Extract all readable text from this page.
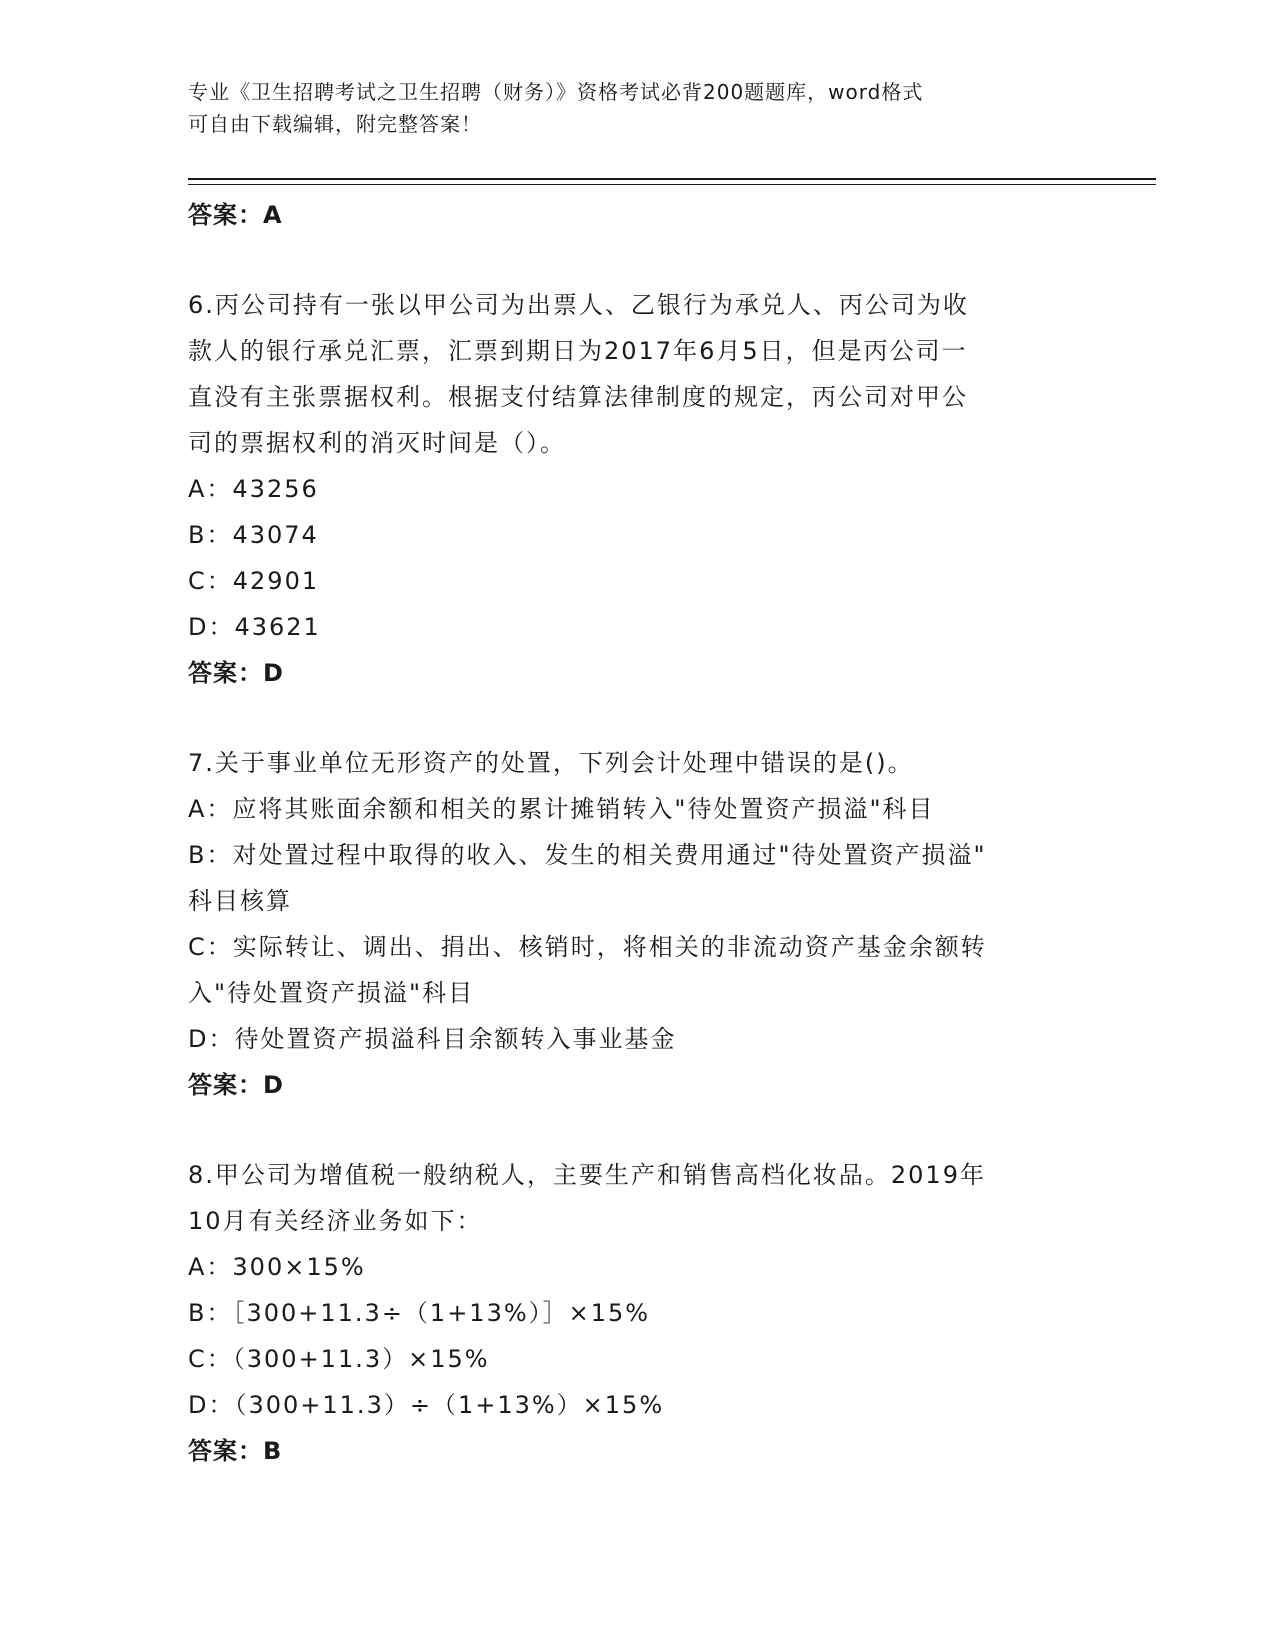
专业《卫生招聘考试之卫生招聘（财务）》资格考试必背200题题库，word格式
可自由下载编辑，附完整答案！
答案：A
6.丙公司持有一张以甲公司为出票人、乙银行为承兑人、丙公司为收
款人的银行承兑汇票，汇票到期日为2017年6月5日，但是丙公司一
直没有主张票据权利。根据支付结算法律制度的规定，丙公司对甲公
司的票据权利的消灭时间是（）。
A：43256
B：43074
C：42901
D：43621
答案：D
7.关于事业单位无形资产的处置，下列会计处理中错误的是()。
A：应将其账面余额和相关的累计摊销转入"待处置资产损溢"科目
B：对处置过程中取得的收入、发生的相关费用通过"待处置资产损溢"
科目核算
C：实际转让、调出、捐出、核销时，将相关的非流动资产基金余额转
入"待处置资产损溢"科目
D：待处置资产损溢科目余额转入事业基金
答案：D
8.甲公司为增值税一般纳税人，主要生产和销售高档化妆品。2019年
10月有关经济业务如下：
A：300×15%
B：［300+11.3÷（1+13%）］×15%
C：（300+11.3）×15%
D：（300+11.3）÷（1+13%）×15%
答案：B
